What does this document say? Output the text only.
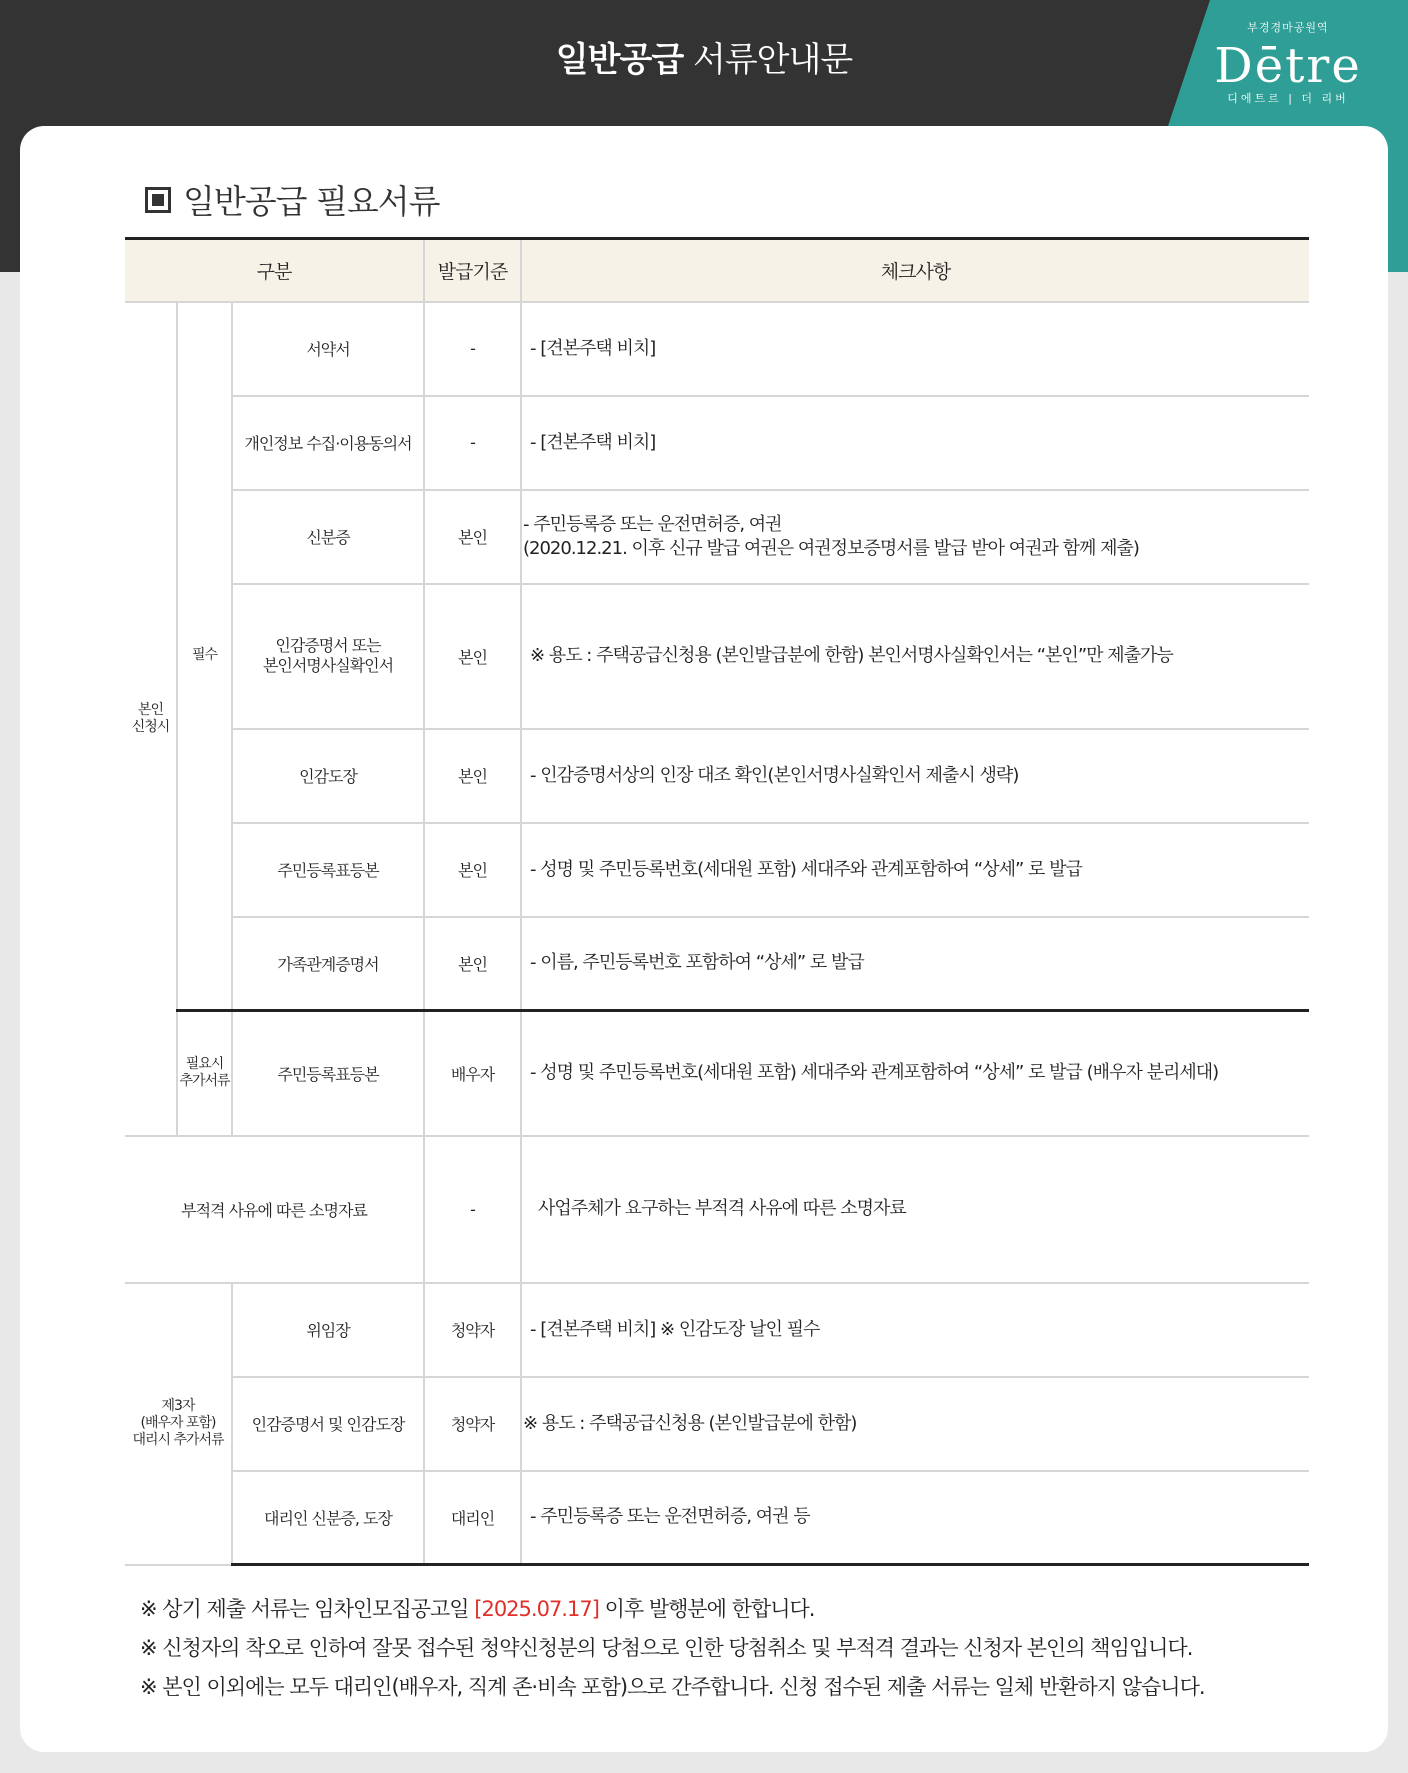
일반공급 서류안내문
부경경마공원역
Dētre
디에트르 | 더 리버
일반공급 필요서류
구분			발급기준	체크사항
본인
신청시	필수	서약서	-	- [견본주택 비치]
		개인정보 수집·이용동의서	-	- [견본주택 비치]
		신분증	본인	- 주민등록증 또는 운전면허증, 여권
(2020.12.21. 이후 신규 발급 여권은 여권정보증명서를 발급 받아 여권과 함께 제출)
		인감증명서 또는
본인서명사실확인서	본인	※ 용도 : 주택공급신청용 (본인발급분에 한함) 본인서명사실확인서는 “본인”만 제출가능
		인감도장	본인	- 인감증명서상의 인장 대조 확인(본인서명사실확인서 제출시 생략)
		주민등록표등본	본인	- 성명 및 주민등록번호(세대원 포함) 세대주와 관계포함하여 “상세” 로 발급
		가족관계증명서	본인	- 이름, 주민등록번호 포함하여 “상세” 로 발급
	필요시
추가서류	주민등록표등본	배우자	- 성명 및 주민등록번호(세대원 포함) 세대주와 관계포함하여 “상세” 로 발급 (배우자 분리세대)
부적격 사유에 따른 소명자료			-	사업주체가 요구하는 부적격 사유에 따른 소명자료
제3자
(배우자 포함)
대리시 추가서류		위임장	청약자	- [견본주택 비치] ※ 인감도장 날인 필수
		인감증명서 및 인감도장	청약자	※ 용도 : 주택공급신청용 (본인발급분에 한함)
		대리인 신분증, 도장	대리인	- 주민등록증 또는 운전면허증, 여권 등
※ 상기 제출 서류는 임차인모집공고일 [2025.07.17] 이후 발행분에 한합니다.
※ 신청자의 착오로 인하여 잘못 접수된 청약신청분의 당첨으로 인한 당첨취소 및 부적격 결과는 신청자 본인의 책임입니다.
※ 본인 이외에는 모두 대리인(배우자, 직계 존·비속 포함)으로 간주합니다. 신청 접수된 제출 서류는 일체 반환하지 않습니다.
